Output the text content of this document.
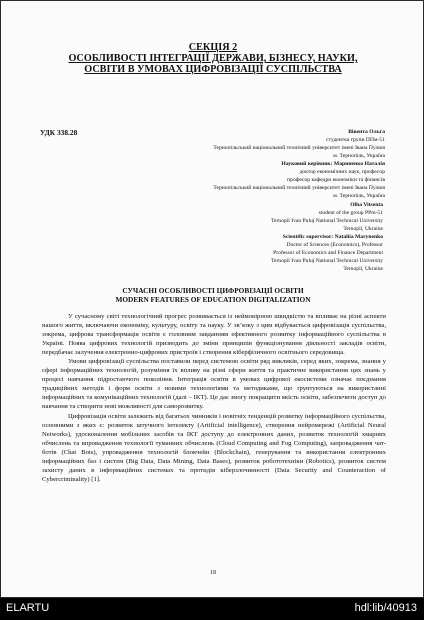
СЕКЦІЯ 2
ОСОБЛИВОСТІ ІНТЕГРАЦІЇ ДЕРЖАВИ, БІЗНЕСУ, НАУКИ,
ОСВІТИ В УМОВАХ ЦИФРОВІЗАЦІЇ СУСПІЛЬСТВА
УДК 338.28	Вівента Ольга
студентка групи ППм-51
Тернопільський національний технічний університет імені Івана Пулюя
м. Тернопіль, Україна
Науковий керівник: Мариненко Наталія
доктор економічних наук, професор
професор кафедри економіки та фінансів
Тернопільський національний технічний університет імені Івана Пулюя
м. Тернопіль, Україна
Olha Vitsenta
student of the group PPm-51
Ternopil Ivan Puluj National Technical University
Ternopil, Ukraine
Scientific supervisor: Nataliia Marynenko
Doctor of Sciences (Economics), Professor
Professor of Economics and Finance Department
Ternopil Ivan Puluj National Technical University
Ternopil, Ukraine
СУЧАСНІ ОСОБЛИВОСТІ ЦИФРОВІЗАЦІЇ ОСВІТИ
MODERN FEATURES OF EDUCATION DIGITALIZATION

У сучасному світі технологічний прогрес розвивається із неймовірною швидкістю та впливає на різні аспекти нашого життя, включаючи економіку, культуру, освіту та науку. У зв’язку з цим відбувається цифровізація суспільства, зокрема, цифрова трансформація освіти є головним завданням ефективного розвитку інформаційного суспільства в Україні. Поява цифрових технологій призводить до зміни принципів функціонування діяльності закладів освіти, передбачає залучення електронно-цифрових пристроїв і створення кіберфізичного освітнього середовища.

Умови цифровізації суспільства поставили перед системою освіти ряд викликів, серед яких, зокрема, знання у сфері інформаційних технологій, розуміння їх впливу на різні сфери життя та практичне використання цих знань у процесі навчання підростаючого покоління. Інтеграція освіти в умовах цифрової екосистеми означає поєднання традиційних методів і форм освіти з новими технологіями та методиками, що ґрунтуються на використанні інформаційних та комунікаційних технологій (далі – ІКТ). Це дає змогу покращити якість освіти, забезпечити доступ до навчання та створити нові можливості для саморозвитку.

Цифровізація освіти залежить від багатьох чинників і новітніх тенденцій розвитку інформаційного суспільства, основними з яких є: розвиток штучного інтелекту (Artificial intelligence), створення нейромережі (Artificial Neural Networks), удосконалення мобільних засобів та ІКТ доступу до електронних даних, розвиток технологій хмарних обчислень та впровадження технології туманних обчислень (Cloud Computing and Fog Computing), запровадження чат-ботів (Chat Bots), упровадження технологій блокчейн (Blockchain), генерування та використання електронних інформаційних баз і систем (Big Data, Data Mining, Data Bases), розвиток робототехніки (Robotics), розвиток систем захисту даних в інформаційних системах та протидія кіберзлочинності (Data Security and Counteraction of Cybercriminality) [1].

18
ELARTU	hdl:lib/40913
